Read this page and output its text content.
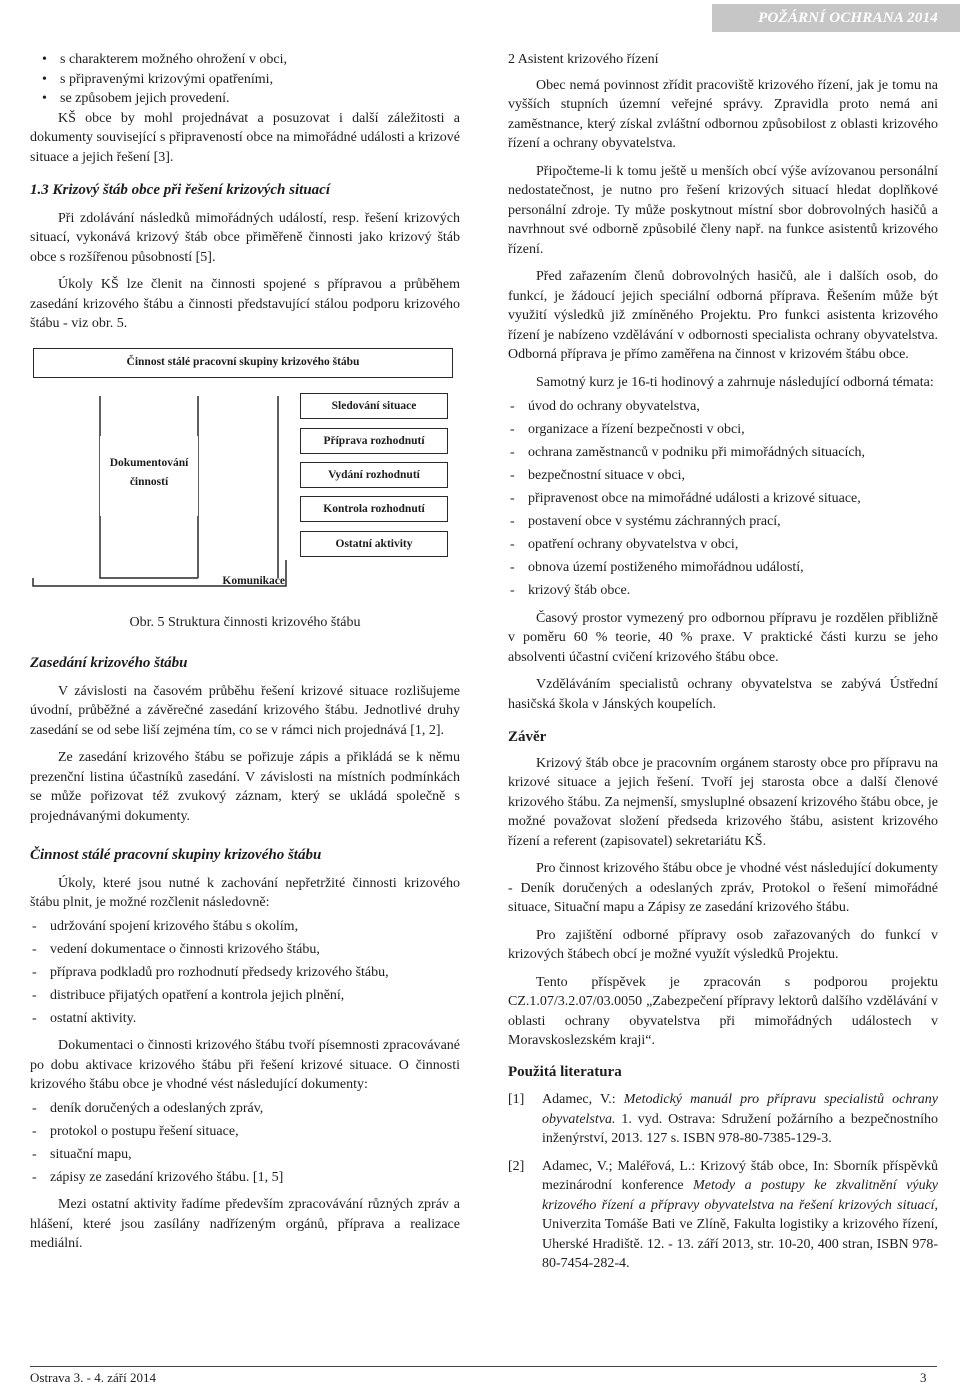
POŽÁRNÍ OCHRANA 2014
• s charakterem možného ohrožení v obci,
• s připravenými krizovými opatřeními,
• se způsobem jejich provedení.

KŠ obce by mohl projednávat a posuzovat i další záležitosti a dokumenty související s připraveností obce na mimořádné události a krizové situace a jejich řešení [3].

1.3 Krizový štáb obce při řešení krizových situací

Při zdolávání následků mimořádných událostí, resp. řešení krizových situací, vykonává krizový štáb obce přiměřeně činnosti jako krizový štáb obce s rozšířenou působností [5].

Úkoly KŠ lze členit na činnosti spojené s přípravou a průběhem zasedání krizového štábu a činnosti představující stálou podporu krizového štábu - viz obr. 5.

Činnost stálé pracovní skupiny krizového štábu
Dokumentování
činností
Sledování situace
Příprava rozhodnutí
Vydání rozhodnutí
Kontrola rozhodnutí
Ostatní aktivity
Komunikace
Obr. 5 Struktura činnosti krizového štábu
Zasedání krizového štábu

V závislosti na časovém průběhu řešení krizové situace rozlišujeme úvodní, průběžné a závěrečné zasedání krizového štábu. Jednotlivé druhy zasedání se od sebe liší zejména tím, co se v rámci nich projednává [1, 2].

Ze zasedání krizového štábu se pořizuje zápis a přikládá se k němu prezenční listina účastníků zasedání. V závislosti na místních podmínkách se může pořizovat též zvukový záznam, který se ukládá společně s projednávanými dokumenty.

Činnost stálé pracovní skupiny krizového štábu

Úkoly, které jsou nutné k zachování nepřetržité činnosti krizového štábu plnit, je možné rozčlenit následovně:

- udržování spojení krizového štábu s okolím,
- vedení dokumentace o činnosti krizového štábu,
- příprava podkladů pro rozhodnutí předsedy krizového štábu,
- distribuce přijatých opatření a kontrola jejich plnění,
- ostatní aktivity.

Dokumentaci o činnosti krizového štábu tvoří písemnosti zpracovávané po dobu aktivace krizového štábu při řešení krizové situace. O činnosti krizového štábu obce je vhodné vést následující dokumenty:

- deník doručených a odeslaných zpráv,
- protokol o postupu řešení situace,
- situační mapu,
- zápisy ze zasedání krizového štábu. [1, 5]

Mezi ostatní aktivity řadíme především zpracovávání různých zpráv a hlášení, které jsou zasílány nadřízeným orgánů, příprava a realizace mediální.

2 Asistent krizového řízení

Obec nemá povinnost zřídit pracoviště krizového řízení, jak je tomu na vyšších stupních územní veřejné správy. Zpravidla proto nemá ani zaměstnance, který získal zvláštní odbornou způsobilost z oblasti krizového řízení a ochrany obyvatelstva.

Připočteme-li k tomu ještě u menších obcí výše avízovanou personální nedostatečnost, je nutno pro řešení krizových situací hledat doplňkové personální zdroje. Ty může poskytnout místní sbor dobrovolných hasičů a navrhnout své odborně způsobilé členy např. na funkce asistentů krizového řízení.

Před zařazením členů dobrovolných hasičů, ale i dalších osob, do funkcí, je žádoucí jejich speciální odborná příprava. Řešením může být využití výsledků již zmíněného Projektu. Pro funkci asistenta krizového řízení je nabízeno vzdělávání v odbornosti specialista ochrany obyvatelstva. Odborná příprava je přímo zaměřena na činnost v krizovém štábu obce.

Samotný kurz je 16-ti hodinový a zahrnuje následující odborná témata:

- úvod do ochrany obyvatelstva,
- organizace a řízení bezpečnosti v obci,
- ochrana zaměstnanců v podniku při mimořádných situacích,
- bezpečnostní situace v obci,
- připravenost obce na mimořádné události a krizové situace,
- postavení obce v systému záchranných prací,
- opatření ochrany obyvatelstva v obci,
- obnova území postiženého mimořádnou událostí,
- krizový štáb obce.

Časový prostor vymezený pro odbornou přípravu je rozdělen přibližně v poměru 60 % teorie, 40 % praxe. V praktické části kurzu se jeho absolventi účastní cvičení krizového štábu obce.

Vzděláváním specialistů ochrany obyvatelstva se zabývá Ústřední hasičská škola v Jánských koupelích.

Závěr

Krizový štáb obce je pracovním orgánem starosty obce pro přípravu na krizové situace a jejich řešení. Tvoří jej starosta obce a další členové krizového štábu. Za nejmenší, smysluplné obsazení krizového štábu obce, je možné považovat složení předseda krizového štábu, asistent krizového řízení a referent (zapisovatel) sekretariátu KŠ.

Pro činnost krizového štábu obce je vhodné vést následující dokumenty - Deník doručených a odeslaných zpráv, Protokol o řešení mimořádné situace, Situační mapu a Zápisy ze zasedání krizového štábu.

Pro zajištění odborné přípravy osob zařazovaných do funkcí v krizových štábech obcí je možné využít výsledků Projektu.

Tento příspěvek je zpracován s podporou projektu CZ.1.07/3.2.07/03.0050 „Zabezpečení přípravy lektorů dalšího vzdělávání v oblasti ochrany obyvatelstva při mimořádných událostech v Moravskoslezském kraji“.

Použitá literatura
[1]	Adamec, V.: Metodický manuál pro přípravu specialistů ochrany obyvatelstva. 1. vyd. Ostrava: Sdružení požárního a bezpečnostního inženýrství, 2013. 127 s. ISBN 978-80-7385-129-3.
[2]	Adamec, V.; Maléřová, L.: Krizový štáb obce, In: Sborník příspěvků mezinárodní konference Metody a postupy ke zkvalitnění výuky krizového řízení a přípravy obyvatelstva na řešení krizových situací, Univerzita Tomáše Bati ve Zlíně, Fakulta logistiky a krizového řízení, Uherské Hradiště. 12. - 13. září 2013, str. 10-20, 400 stran, ISBN 978-80-7454-282-4.
Ostrava 3. - 4. září 2014	3
